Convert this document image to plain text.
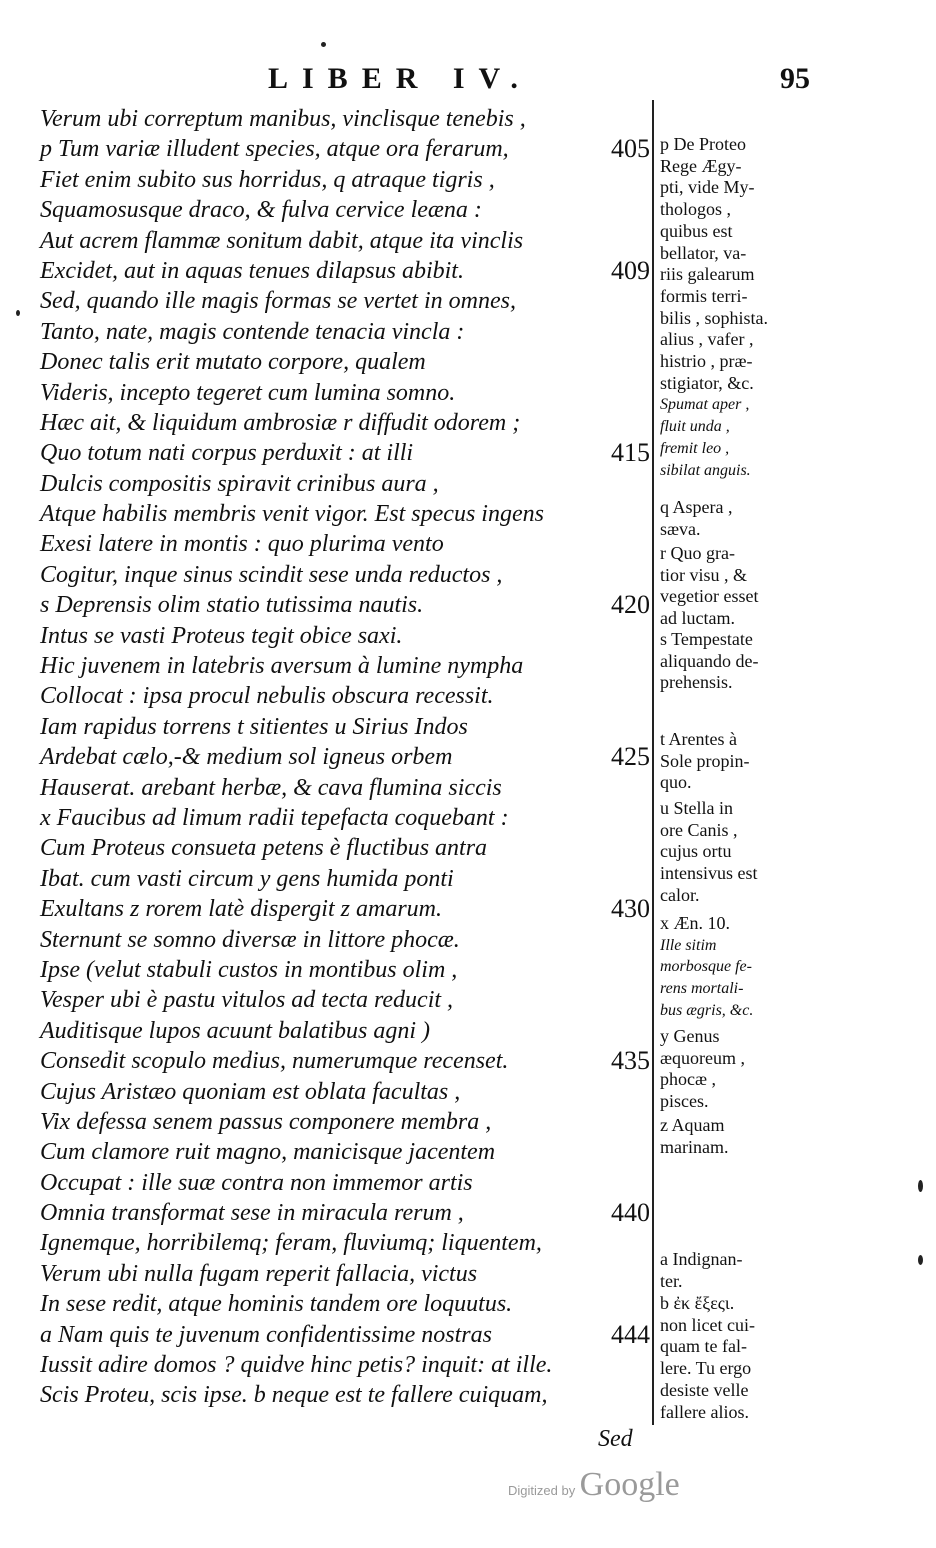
LIBER IV.	95
Verum ubi correptum manibus, vinclisque tenebis ,
p Tum variæ illudent species, atque ora ferarum,	405
Fiet enim subito sus horridus, q atraque tigris ,
Squamosusque draco, & fulva cervice leæna :
Aut acrem flammæ sonitum dabit, atque ita vinclis
Excidet, aut in aquas tenues dilapsus abibit.	409
Sed, quando ille magis formas se vertet in omnes,
Tanto, nate, magis contende tenacia vincla :
Donec talis erit mutato corpore, qualem
Videris, incepto tegeret cum lumina somno.
Hæc ait, & liquidum ambrosiæ r diffudit odorem ;
Quo totum nati corpus perduxit : at illi	415
Dulcis compositis spiravit crinibus aura ,
Atque habilis membris venit vigor. Est specus ingens
Exesi latere in montis : quo plurima vento
Cogitur, inque sinus scindit sese unda reductos ,
s Deprensis olim statio tutissima nautis.	420
Intus se vasti Proteus tegit obice saxi.
Hic juvenem in latebris aversum à lumine nympha
Collocat : ipsa procul nebulis obscura recessit.
Iam rapidus torrens t sitientes u Sirius Indos
Ardebat cælo,-& medium sol igneus orbem	425
Hauserat. arebant herbæ, & cava flumina siccis
x Faucibus ad limum radii tepefacta coquebant :
Cum Proteus consueta petens è fluctibus antra
Ibat. cum vasti circum y gens humida ponti
Exultans z rorem latè dispergit z amarum.	430
Sternunt se somno diversæ in littore phocæ.
Ipse (velut stabuli custos in montibus olim ,
Vesper ubi è pastu vitulos ad tecta reducit ,
Auditisque lupos acuunt balatibus agni )
Consedit scopulo medius, numerumque recenset.	435
Cujus Aristæo quoniam est oblata facultas ,
Vix defessa senem passus componere membra ,
Cum clamore ruit magno, manicisque jacentem
Occupat : ille suæ contra non immemor artis
Omnia transformat sese in miracula rerum ,	440
Ignemque, horribilemq; feram, fluviumq; liquentem,
Verum ubi nulla fugam reperit fallacia, victus
In sese redit, atque hominis tandem ore loquutus.
a Nam quis te juvenum confidentissime nostras	444
Iussit adire domos ? quidve hinc petis? inquit: at ille.
Scis Proteu, scis ipse. b neque est te fallere cuiquam,
p De Proteo
Rege Ægy-
pti, vide My-
thologos ,
quibus est
bellator, va-
riis galearum
formis terri-
bilis , sophista.
alius , vafer ,
histrio , præ-
stigiator, &c.
Spumat aper ,
fluit unda ,
fremit leo ,
sibilat anguis.
q Aspera ,
sæva.
r Quo gra-
tior visu , &
vegetior esset
ad luctam.
s Tempestate
aliquando de-
prehensis.
t Arentes à
Sole propin-
quo.
u Stella in
ore Canis ,
cujus ortu
intensivus est
calor.
x Æn. 10.
Ille sitim
morbosque fe-
rens mortali-
bus ægris, &c.
y Genus
æquoreum ,
phocæ ,
pisces.
z Aquam
marinam.
a Indignan-
ter.
b ἐκ ἔξεςι.
non licet cui-
quam te fal-
lere. Tu ergo
desiste velle
fallere alios.
Sed
Digitized by Google
